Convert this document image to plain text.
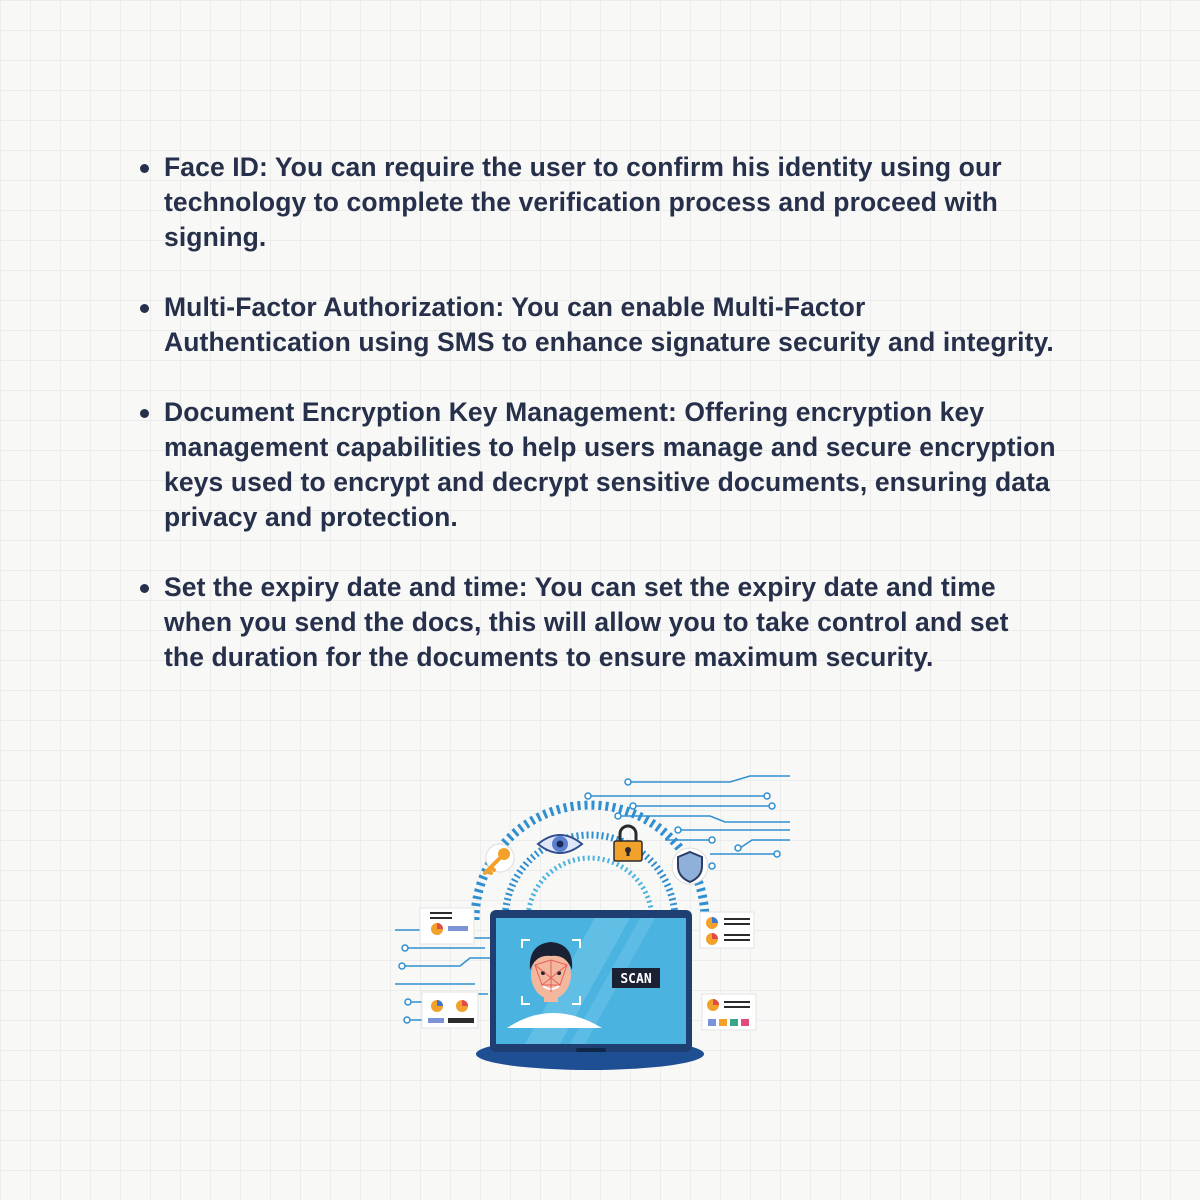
Face ID: You can require the user to confirm his identity using our technology to complete the verification process and proceed with signing.
Multi-Factor Authorization: You can enable Multi-Factor Authentication using SMS to enhance signature security and integrity.
Document Encryption Key Management: Offering encryption key management capabilities to help users manage and secure encryption keys used to encrypt and decrypt sensitive documents, ensuring data privacy and protection.
Set the expiry date and time: You can set the expiry date and time when you send the docs, this will allow you to take control and set the duration for the documents to ensure maximum security.
SCAN
